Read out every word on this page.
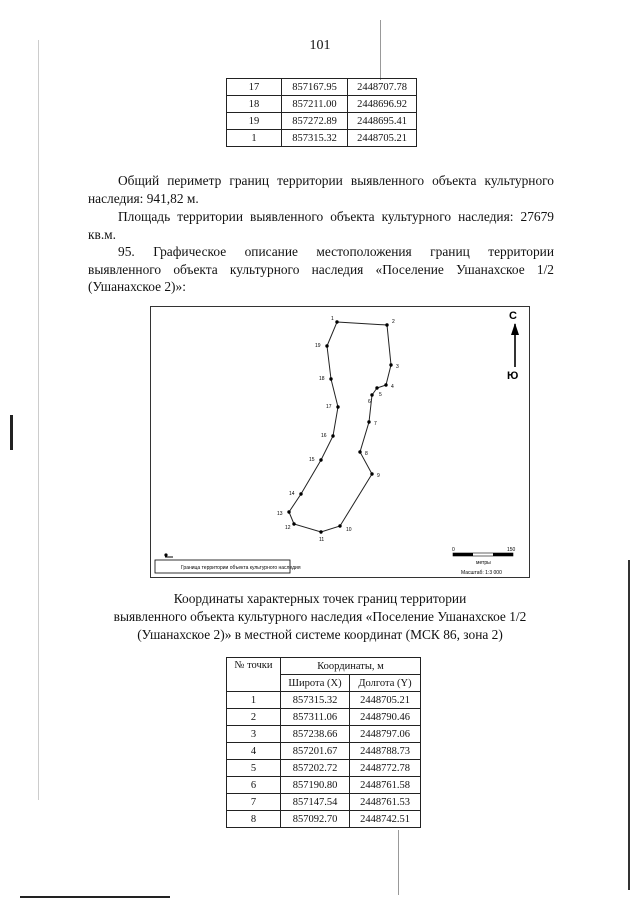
101
17	857167.95	2448707.78
18	857211.00	2448696.92
19	857272.89	2448695.41
1	857315.32	2448705.21

Общий периметр границ территории выявленного объекта культурного наследия: 941,82 м.

Площадь территории выявленного объекта культурного наследия: 27679 кв.м.

95. Графическое описание местоположения границ территории выявленного объекта культурного наследия «Поселение Ушанахское 1/2 (Ушанахское 2)»:

1	2
3
4
5
6
7
8
9
10
11
12
13
14
15
16
17
18
19
С
Ю
Граница территории объекта культурного наследия
0	150
метры
Масштаб: 1:3 000

Координаты характерных точек границ территории

выявленного объекта культурного наследия «Поселение Ушанахское 1/2

(Ушанахское 2)» в местной системе координат (МСК 86, зона 2)

№ точки	Координаты, м	
	Широта (X)	Долгота (Y)
1	857315.32	2448705.21
2	857311.06	2448790.46
3	857238.66	2448797.06
4	857201.67	2448788.73
5	857202.72	2448772.78
6	857190.80	2448761.58
7	857147.54	2448761.53
8	857092.70	2448742.51
